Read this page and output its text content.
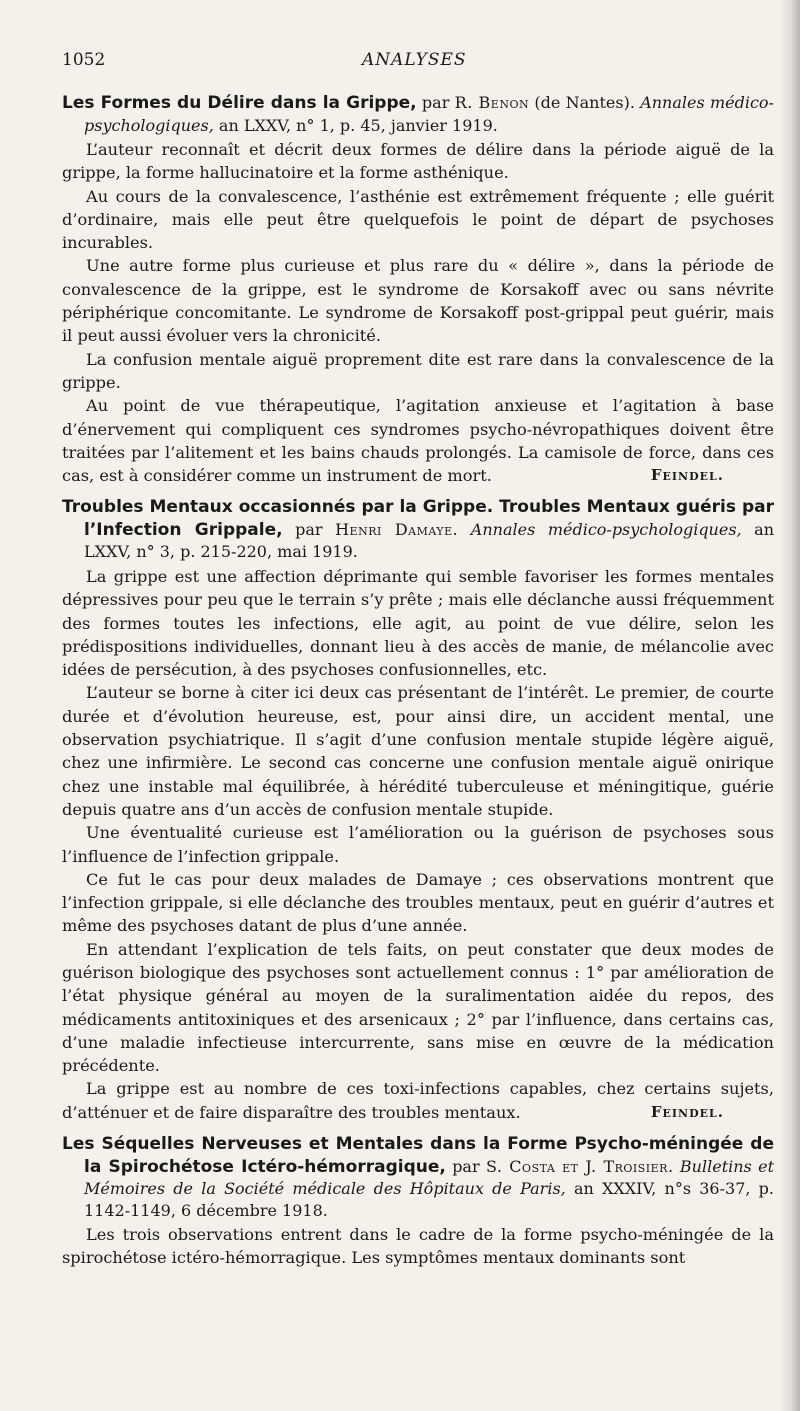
1052	ANALYSES
Les Formes du Délire dans la Grippe, par R. Benon (de Nantes). Annales médico-psychologiques, an LXXV, n° 1, p. 45, janvier 1919.

L’auteur reconnaît et décrit deux formes de délire dans la période aiguë de la grippe, la forme hallucinatoire et la forme asthénique.

Au cours de la convalescence, l’asthénie est extrêmement fréquente ; elle guérit d’ordinaire, mais elle peut être quelquefois le point de départ de psychoses incurables.

Une autre forme plus curieuse et plus rare du « délire », dans la période de convalescence de la grippe, est le syndrome de Korsakoff avec ou sans névrite périphérique concomitante. Le syndrome de Korsakoff post-grippal peut guérir, mais il peut aussi évoluer vers la chronicité.

La confusion mentale aiguë proprement dite est rare dans la convalescence de la grippe.

Au point de vue thérapeutique, l’agitation anxieuse et l’agitation à base d’énervement qui compliquent ces syndromes psycho-névropathiques doivent être traitées par l’alitement et les bains chauds prolongés. La camisole de force, dans ces cas, est à considérer comme un instrument de mort.	Feindel.

Troubles Mentaux occasionnés par la Grippe. Troubles Mentaux guéris par l’Infection Grippale, par Henri Damaye. Annales médico-psychologiques, an LXXV, n° 3, p. 215-220, mai 1919.

La grippe est une affection déprimante qui semble favoriser les formes mentales dépressives pour peu que le terrain s’y prête ; mais elle déclanche aussi fréquemment des formes toutes les infections, elle agit, au point de vue délire, selon les prédispositions individuelles, donnant lieu à des accès de manie, de mélancolie avec idées de persécution, à des psychoses confusionnelles, etc.

L’auteur se borne à citer ici deux cas présentant de l’intérêt. Le premier, de courte durée et d’évolution heureuse, est, pour ainsi dire, un accident mental, une observation psychiatrique. Il s’agit d’une confusion mentale stupide légère aiguë, chez une infirmière. Le second cas concerne une confusion mentale aiguë onirique chez une instable mal équilibrée, à hérédité tuberculeuse et méningitique, guérie depuis quatre ans d’un accès de confusion mentale stupide.

Une éventualité curieuse est l’amélioration ou la guérison de psychoses sous l’influence de l’infection grippale.

Ce fut le cas pour deux malades de Damaye ; ces observations montrent que l’infection grippale, si elle déclanche des troubles mentaux, peut en guérir d’autres et même des psychoses datant de plus d’une année.

En attendant l’explication de tels faits, on peut constater que deux modes de guérison biologique des psychoses sont actuellement connus : 1° par amélioration de l’état physique général au moyen de la suralimentation aidée du repos, des médicaments antitoxiniques et des arsenicaux ; 2° par l’influence, dans certains cas, d’une maladie infectieuse intercurrente, sans mise en œuvre de la médication précédente.

La grippe est au nombre de ces toxi-infections capables, chez certains sujets, d’atténuer et de faire disparaître des troubles mentaux.	Feindel.

Les Séquelles Nerveuses et Mentales dans la Forme Psycho-méningée de la Spirochétose Ictéro-hémorragique, par S. Costa et J. Troisier. Bulletins et Mémoires de la Société médicale des Hôpitaux de Paris, an XXXIV, n°s 36-37, p. 1142-1149, 6 décembre 1918.

Les trois observations entrent dans le cadre de la forme psycho-méningée de la spirochétose ictéro-hémorragique. Les symptômes mentaux dominants sont
